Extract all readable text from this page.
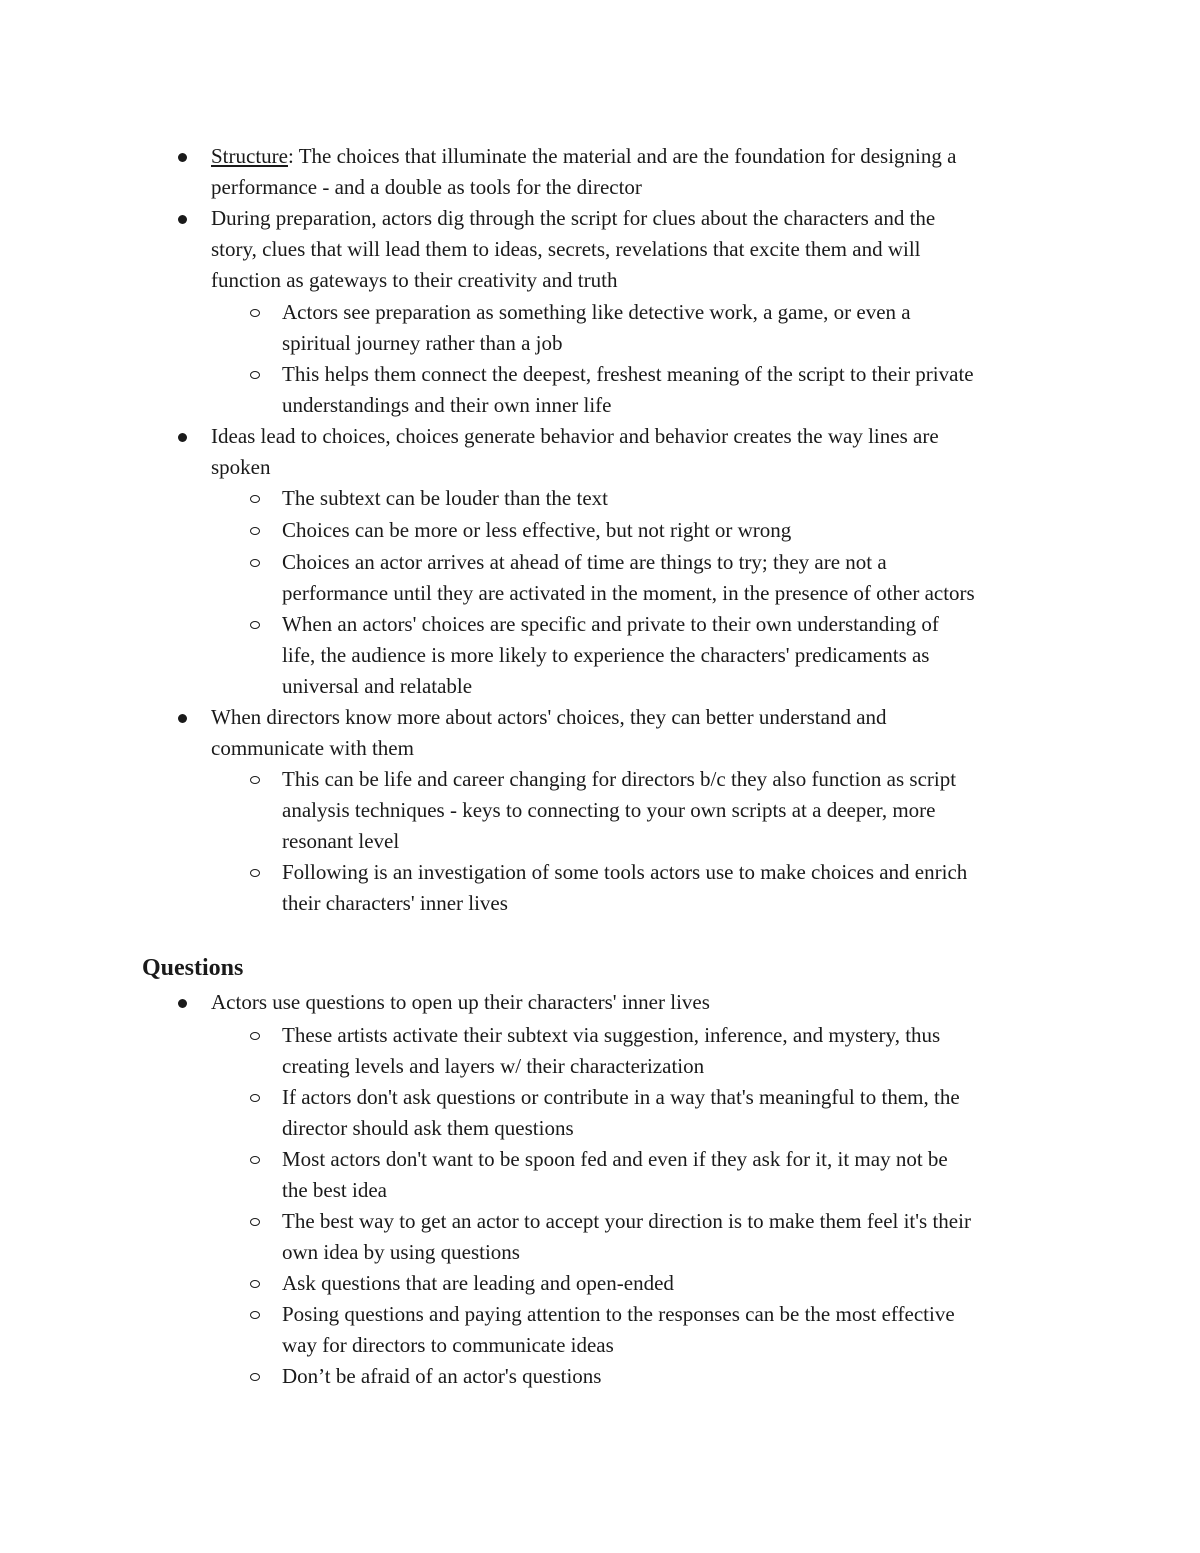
Structure: The choices that illuminate the material and are the foundation for designing a
performance - and a double as tools for the director
During preparation, actors dig through the script for clues about the characters and the
story, clues that will lead them to ideas, secrets, revelations that excite them and will
function as gateways to their creativity and truth
Actors see preparation as something like detective work, a game, or even a
spiritual journey rather than a job
This helps them connect the deepest, freshest meaning of the script to their private
understandings and their own inner life
Ideas lead to choices, choices generate behavior and behavior creates the way lines are
spoken
The subtext can be louder than the text
Choices can be more or less effective, but not right or wrong
Choices an actor arrives at ahead of time are things to try; they are not a
performance until they are activated in the moment, in the presence of other actors
When an actors' choices are specific and private to their own understanding of
life, the audience is more likely to experience the characters' predicaments as
universal and relatable
When directors know more about actors' choices, they can better understand and
communicate with them
This can be life and career changing for directors b/c they also function as script
analysis techniques - keys to connecting to your own scripts at a deeper, more
resonant level
Following is an investigation of some tools actors use to make choices and enrich
their characters' inner lives
Questions
Actors use questions to open up their characters' inner lives
These artists activate their subtext via suggestion, inference, and mystery, thus
creating levels and layers w/ their characterization
If actors don't ask questions or contribute in a way that's meaningful to them, the
director should ask them questions
Most actors don't want to be spoon fed and even if they ask for it, it may not be
the best idea
The best way to get an actor to accept your direction is to make them feel it's their
own idea by using questions
Ask questions that are leading and open-ended
Posing questions and paying attention to the responses can be the most effective
way for directors to communicate ideas
Don’t be afraid of an actor's questions
